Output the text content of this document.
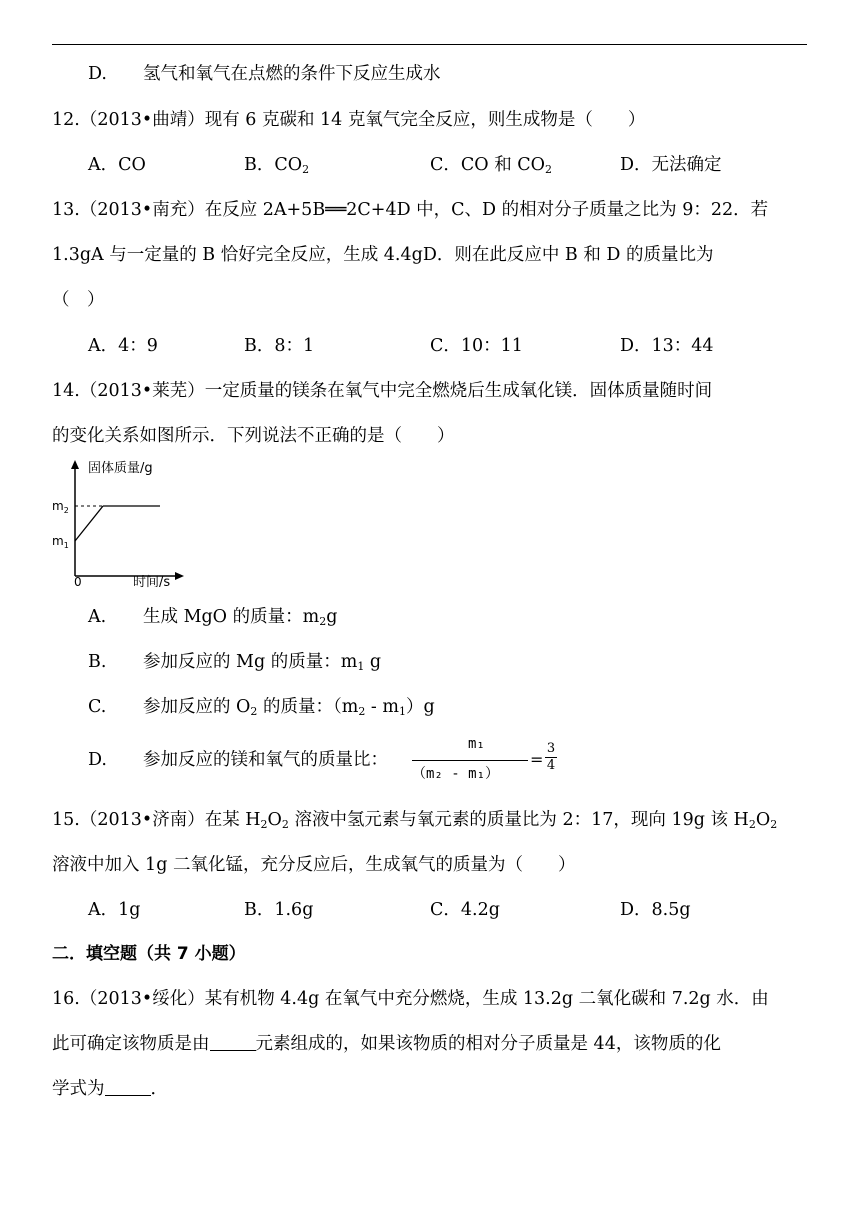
D. 氢气和氧气在点燃的条件下反应生成水
12.（2013•曲靖）现有 6 克碳和 14 克氧气完全反应，则生成物是（　　）
A．CO	B．$CO_2$	C．CO 和 $CO_2$	D．无法确定
13.（2013•南充）在反应 2A+5B══2C+4D 中，C、D 的相对分子质量之比为 9：22．若
1.3gA 与一定量的 B 恰好完全反应，生成 4.4gD．则在此反应中 B 和 D 的质量比为
（　）
A．4：9	B．8：1	C．10：11	D．13：44
14.（2013•莱芜）一定质量的镁条在氧气中完全燃烧后生成氧化镁．固体质量随时间
的变化关系如图所示．下列说法不正确的是（　　）
固体质量/g
时间/s
0
$m_2$
$m_1$
A. 生成 MgO 的质量：$m_2g$
B. 参加反应的 Mg 的质量：$m_1$ g
C. 参加反应的 $O_2$ 的质量：$(m_2 - m_1)g$
D. 参加反应的镁和氧气的质量比：
m₁
（m₂ - m₁）
=
3
4
15.（2013•济南）在某 $H_2O_2$ 溶液中氢元素与氧元素的质量比为 2：17，现向 19g 该 $H_2O_2$
溶液中加入 1g 二氧化锰，充分反应后，生成氧气的质量为（　　）
A．1g	B．1.6g	C．4.2g	D．8.5g
二．填空题（共 7 小题）
16.（2013•绥化）某有机物 4.4g 在氧气中充分燃烧，生成 13.2g 二氧化碳和 7.2g 水．由
此可确定该物质是由	元素组成的，如果该物质的相对分子质量是 44，该物质的化
学式为	．
